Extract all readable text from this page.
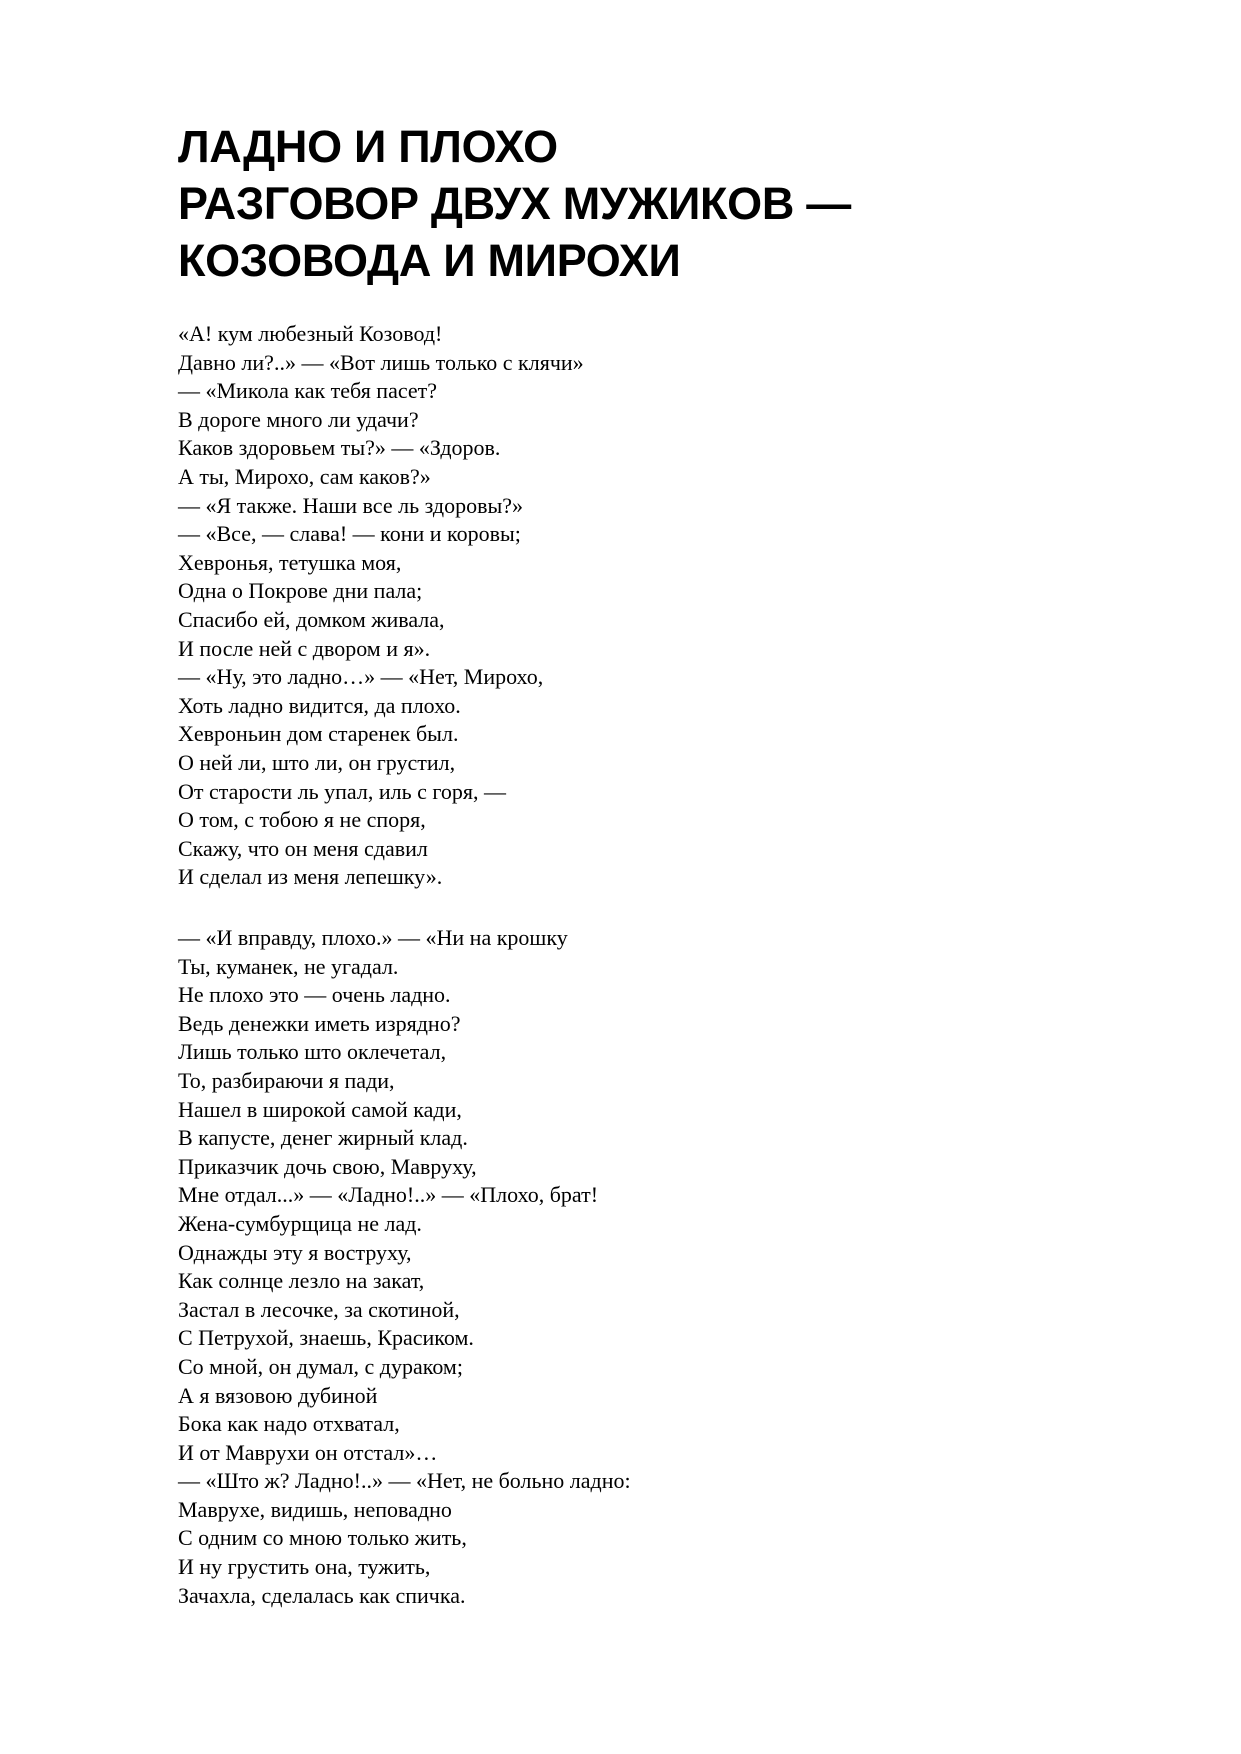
ЛАДНО И ПЛОХО
РАЗГОВОР ДВУХ МУЖИКОВ —
КОЗОВОДА И МИРОХИ
«А! кум любезный Козовод!
Давно ли?..» — «Вот лишь только с клячи»
— «Микола как тебя пасет?
В дороге много ли удачи?
Каков здоровьем ты?» — «Здоров.
А ты, Мирохо, сам каков?»
— «Я также. Наши все ль здоровы?»
— «Все, — слава! — кони и коровы;
Хевронья, тетушка моя,
Одна о Покрове дни пала;
Спасибо ей, домком живала,
И после ней с двором и я».
— «Ну, это ладно…» — «Нет, Мирохо,
Хоть ладно видится, да плохо.
Хевроньин дом старенек был.
О ней ли, што ли, он грустил,
От старости ль упал, иль с горя, —
О том, с тобою я не споря,
Скажу, что он меня сдавил
И сделал из меня лепешку».
— «И вправду, плохо.» — «Ни на крошку
Ты, куманек, не угадал.
Не плохо это — очень ладно.
Ведь денежки иметь изрядно?
Лишь только што оклечетал,
То, разбираючи я пади,
Нашел в широкой самой кади,
В капусте, денег жирный клад.
Приказчик дочь свою, Мавруху,
Мне отдал...» — «Ладно!..» — «Плохо, брат!
Жена-сумбурщица не лад.
Однажды эту я воструху,
Как солнце лезло на закат,
Застал в лесочке, за скотиной,
С Петрухой, знаешь, Красиком.
Со мной, он думал, с дураком;
А я вязовою дубиной
Бока как надо отхватал,
И от Маврухи он отстал»…
— «Што ж? Ладно!..» — «Нет, не больно ладно:
Маврухе, видишь, неповадно
С одним со мною только жить,
И ну грустить она, тужить,
Зачахла, сделалась как спичка.
